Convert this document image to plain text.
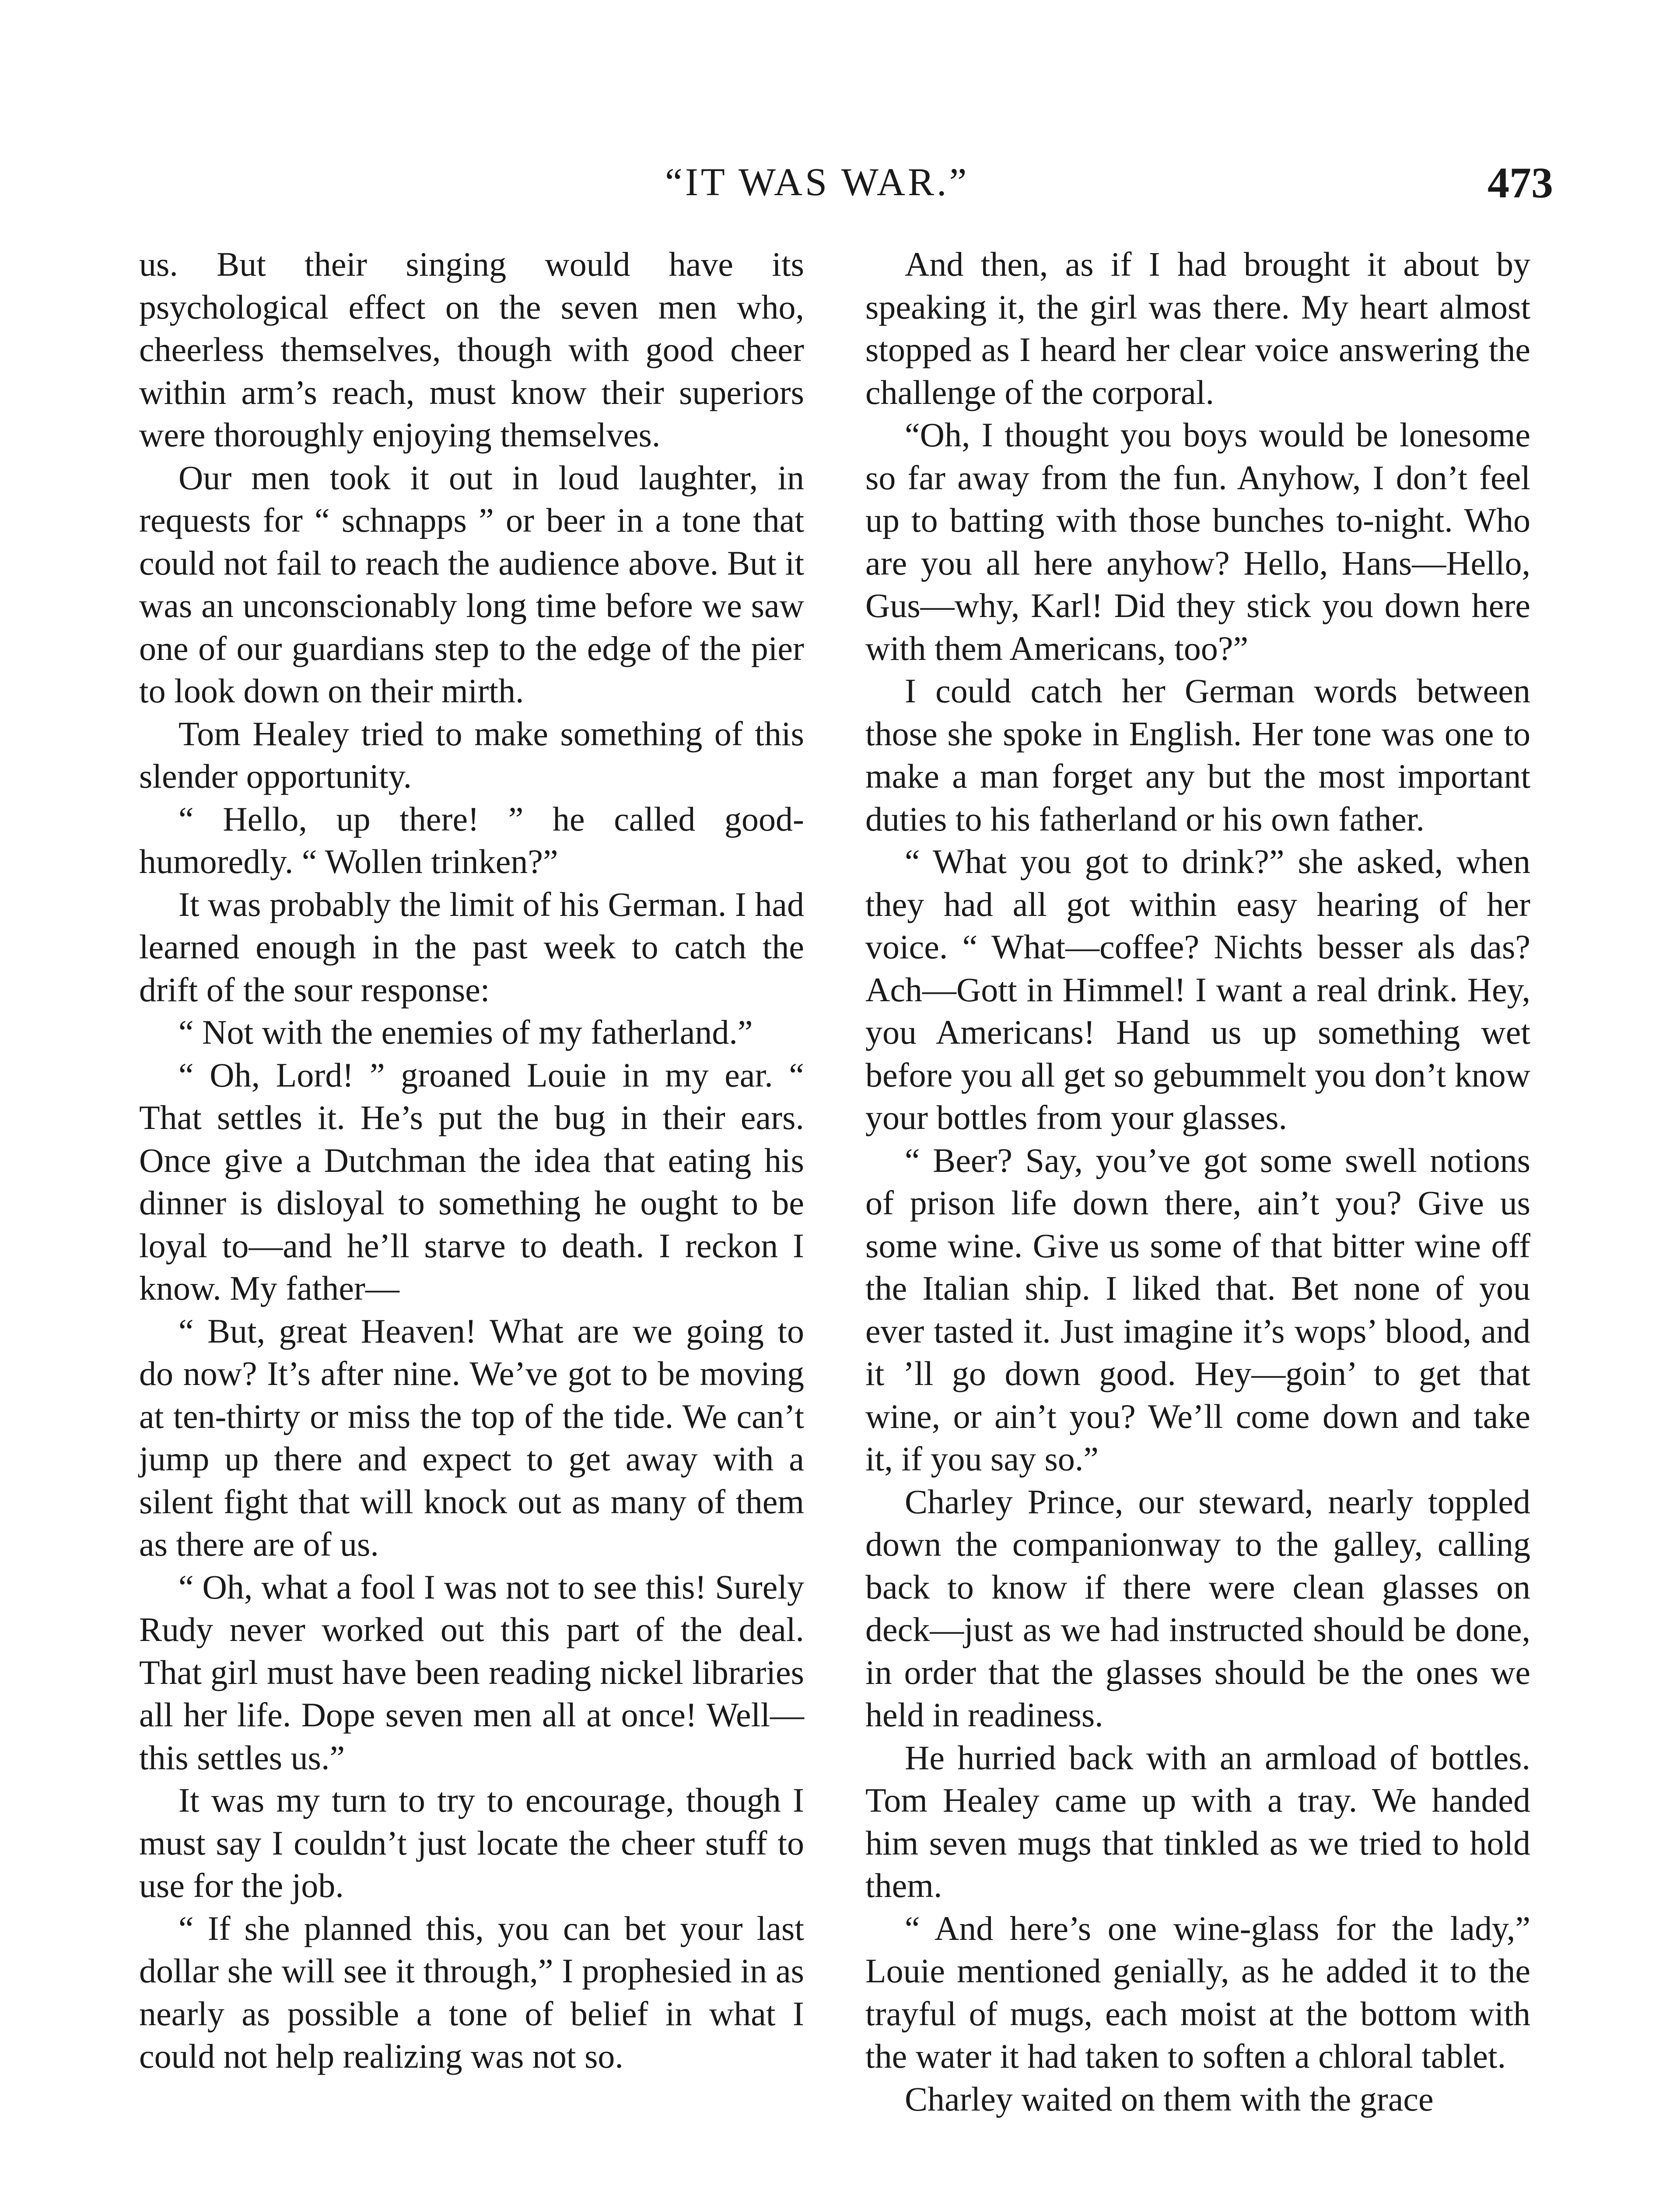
“IT WAS WAR.”	473

us. But their singing would have its psychological effect on the seven men who, cheerless themselves, though with good cheer within arm’s reach, must know their superiors were thoroughly enjoying themselves.

Our men took it out in loud laughter, in requests for “ schnapps ” or beer in a tone that could not fail to reach the audience above. But it was an unconscionably long time before we saw one of our guardians step to the edge of the pier to look down on their mirth.

Tom Healey tried to make something of this slender opportunity.

“ Hello, up there! ” he called good-humoredly. “ Wollen trinken?”

It was probably the limit of his German. I had learned enough in the past week to catch the drift of the sour response:

“ Not with the enemies of my fatherland.”

“ Oh, Lord! ” groaned Louie in my ear. “ That settles it. He’s put the bug in their ears. Once give a Dutchman the idea that eating his dinner is disloyal to something he ought to be loyal to—and he’ll starve to death. I reckon I know. My father—

“ But, great Heaven! What are we going to do now? It’s after nine. We’ve got to be moving at ten-thirty or miss the top of the tide. We can’t jump up there and expect to get away with a silent fight that will knock out as many of them as there are of us.

“ Oh, what a fool I was not to see this! Surely Rudy never worked out this part of the deal. That girl must have been reading nickel libraries all her life. Dope seven men all at once! Well—this settles us.”

It was my turn to try to encourage, though I must say I couldn’t just locate the cheer stuff to use for the job.

“ If she planned this, you can bet your last dollar she will see it through,” I prophesied in as nearly as possible a tone of belief in what I could not help realizing was not so.

And then, as if I had brought it about by speaking it, the girl was there. My heart almost stopped as I heard her clear voice answering the challenge of the corporal.

“Oh, I thought you boys would be lonesome so far away from the fun. Anyhow, I don’t feel up to batting with those bunches to-night. Who are you all here anyhow? Hello, Hans—Hello, Gus—why, Karl! Did they stick you down here with them Americans, too?”

I could catch her German words between those she spoke in English. Her tone was one to make a man forget any but the most important duties to his fatherland or his own father.

“ What you got to drink?” she asked, when they had all got within easy hearing of her voice. “ What—coffee? Nichts besser als das? Ach—Gott in Himmel! I want a real drink. Hey, you Americans! Hand us up something wet before you all get so gebummelt you don’t know your bottles from your glasses.

“ Beer? Say, you’ve got some swell notions of prison life down there, ain’t you? Give us some wine. Give us some of that bitter wine off the Italian ship. I liked that. Bet none of you ever tasted it. Just imagine it’s wops’ blood, and it ’ll go down good. Hey—goin’ to get that wine, or ain’t you? We’ll come down and take it, if you say so.”

Charley Prince, our steward, nearly toppled down the companionway to the galley, calling back to know if there were clean glasses on deck—just as we had instructed should be done, in order that the glasses should be the ones we held in readiness.

He hurried back with an armload of bottles. Tom Healey came up with a tray. We handed him seven mugs that tinkled as we tried to hold them.

“ And here’s one wine-glass for the lady,” Louie mentioned genially, as he added it to the trayful of mugs, each moist at the bottom with the water it had taken to soften a chloral tablet.

Charley waited on them with the grace
